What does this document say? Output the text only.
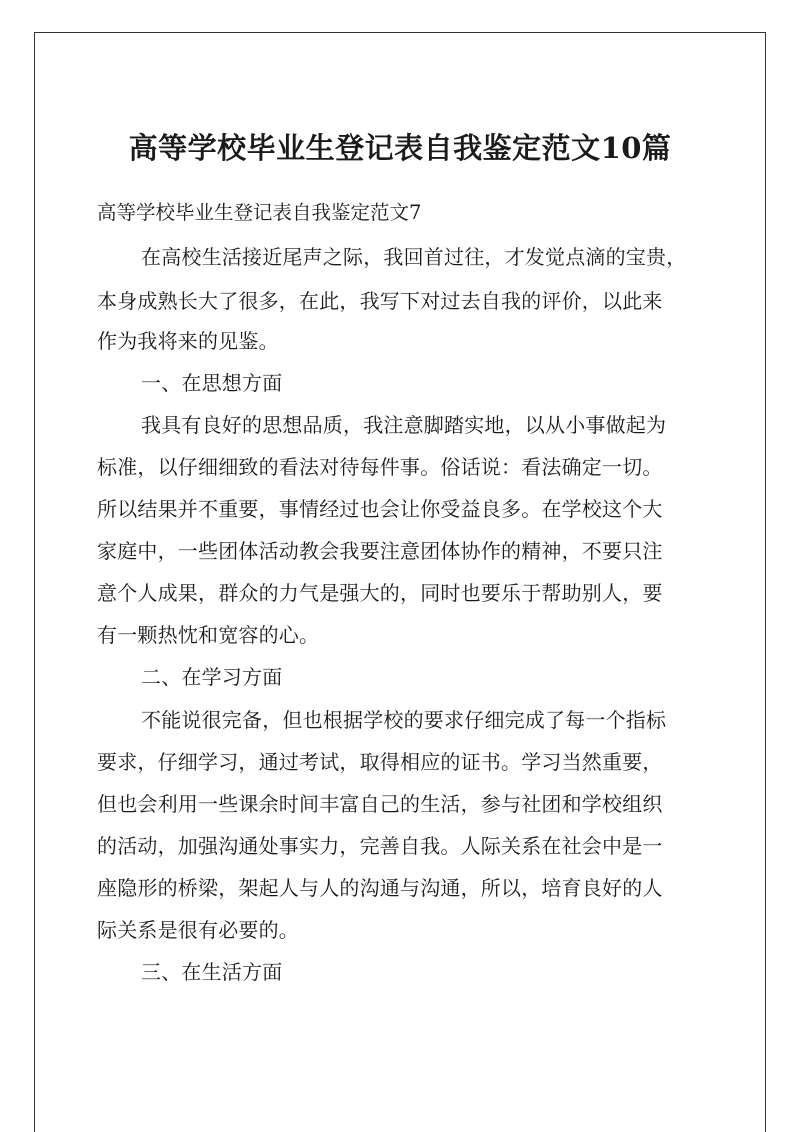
高等学校毕业生登记表自我鉴定范文10篇
高等学校毕业生登记表自我鉴定范文7
在高校生活接近尾声之际，我回首过往，才发觉点滴的宝贵，
本身成熟长大了很多，在此，我写下对过去自我的评价，以此来
作为我将来的见鉴。
一、在思想方面
我具有良好的思想品质，我注意脚踏实地，以从小事做起为
标准，以仔细细致的看法对待每件事。俗话说：看法确定一切。
所以结果并不重要，事情经过也会让你受益良多。在学校这个大
家庭中，一些团体活动教会我要注意团体协作的精神，不要只注
意个人成果，群众的力气是强大的，同时也要乐于帮助别人，要
有一颗热忱和宽容的心。
二、在学习方面
不能说很完备，但也根据学校的要求仔细完成了每一个指标
要求，仔细学习，通过考试，取得相应的证书。学习当然重要，
但也会利用一些课余时间丰富自己的生活，参与社团和学校组织
的活动，加强沟通处事实力，完善自我。人际关系在社会中是一
座隐形的桥梁，架起人与人的沟通与沟通，所以，培育良好的人
际关系是很有必要的。
三、在生活方面
